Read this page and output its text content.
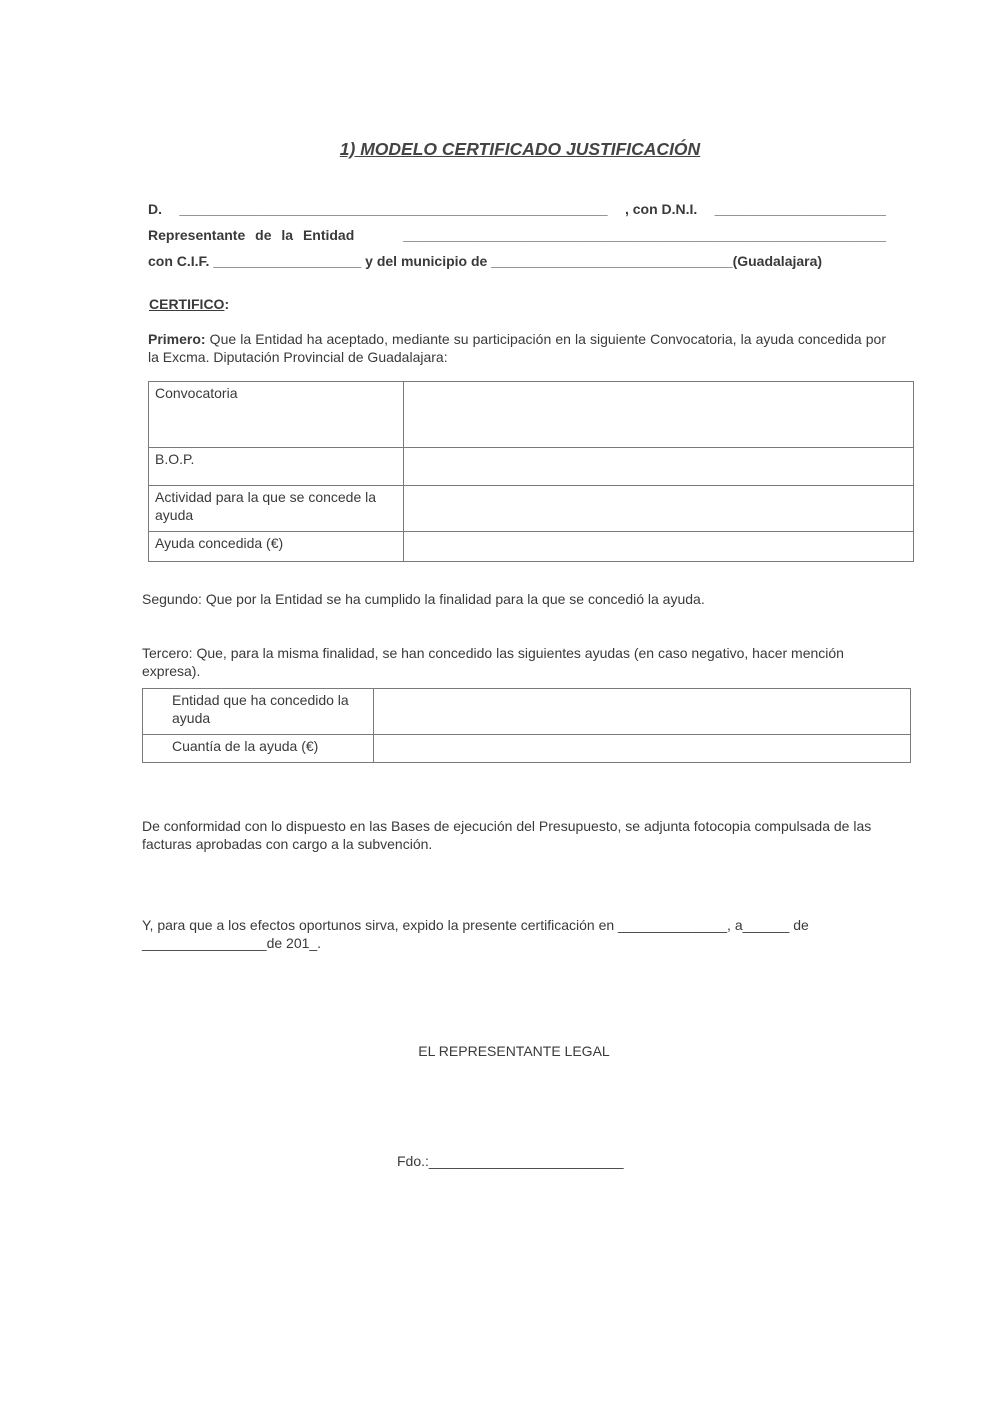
1) MODELO CERTIFICADO JUSTIFICACIÓN
D. _______________________________________________________ , con D.N.I. ______________________
Representante de la Entidad	______________________________________________________________
con C.I.F. ___________________ y del municipio de _______________________________(Guadalajara)
CERTIFICO:
Primero: Que la Entidad ha aceptado, mediante su participación en la siguiente Convocatoria, la ayuda concedida por la Excma. Diputación Provincial de Guadalajara:
Convocatoria	
B.O.P.	
Actividad para la que se concede la ayuda	
Ayuda concedida (€)	
Segundo: Que por la Entidad se ha cumplido la finalidad para la que se concedió la ayuda.
Tercero: Que, para la misma finalidad, se han concedido las siguientes ayudas (en caso negativo, hacer mención expresa).
Entidad que ha concedido la ayuda	
Cuantía de la ayuda (€)	
De conformidad con lo dispuesto en las Bases de ejecución del Presupuesto, se adjunta fotocopia compulsada de las facturas aprobadas con cargo a la subvención.
Y, para que a los efectos oportunos sirva, expido la presente certificación en ______________, a______ de
________________de 201_.
EL REPRESENTANTE LEGAL
Fdo.:_________________________
